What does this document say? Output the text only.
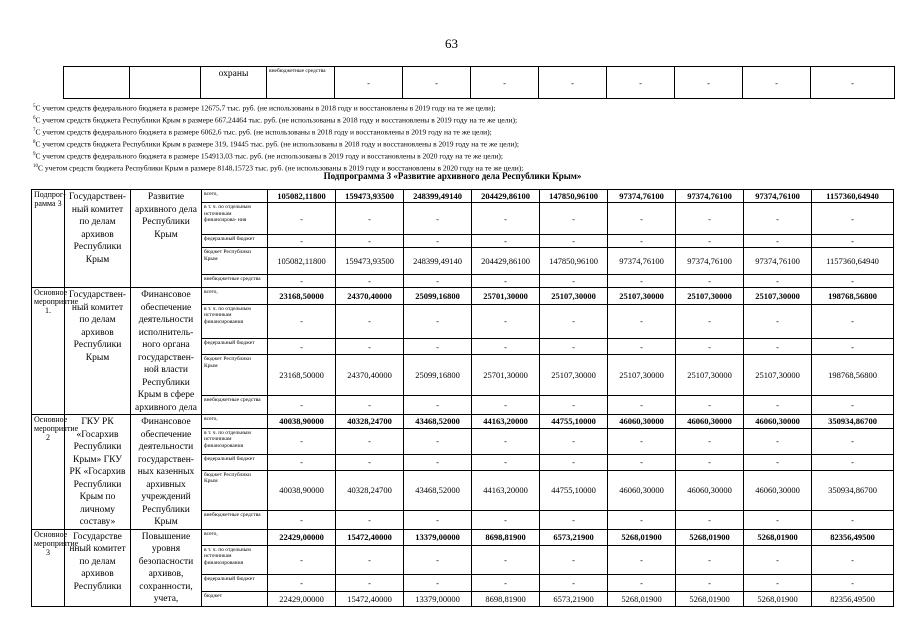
63
		охраны	внебюджетные средства	-	-	-	-	-	-	-	-	
$^5$С учетом средств федерального бюджета в размере 12675,7 тыс. руб. (не использованы в 2018 году и восстановлены в 2019 году на те же цели);
$^6$С учетом средств бюджета Республики Крым в размере 667,24464 тыс. руб. (не использованы в 2018 году и восстановлены в 2019 году на те же цели);
$^7$С учетом средств федерального бюджета в размере 6062,6 тыс. руб. (не использованы в 2018 году и восстановлены в 2019 году на те же цели);
$^8$С учетом средств бюджета Республики Крым в размере 319, 19445 тыс. руб. (не использованы в 2018 году и восстановлены в 2019 году на те же цели);
$^9$С учетом средств федерального бюджета в размере 154913,03 тыс. руб. (не использованы в 2019 году и восстановлены в 2020 году на те же цели);
$^{10}$С учетом средств бюджета Республики Крым в размере 8148,15723 тыс. руб. (не использованы в 2019 году и восстановлены в 2020 году на те же цели);
Подпрограмма 3 «Развитие архивного дела Республики Крым»
Подпрог- рамма 3	Государствен- ный комитет по делам архивов Республики Крым	Развитие архивного дела Республики Крым	всего,	105082,11800	159473,93500	248399,49140	204429,86100	147850,96100	97374,76100	97374,76100	97374,76100	1157360,64940
			в т. ч. по отдельным источникам финансирова- ния	-	-	-	-	-	-	-	-	-
			федеральный бюджет	-	-	-	-	-	-	-	-	-
			бюджет Республики Крым	105082,11800	159473,93500	248399,49140	204429,86100	147850,96100	97374,76100	97374,76100	97374,76100	1157360,64940
			внебюджетные средства	-	-	-	-	-	-	-	-	-
Основное мероприятие 1.	Государствен- ный комитет по делам архивов Республики Крым	Финансовое обеспечение деятельности исполнитель- ного органа государствен- ной власти Республики Крым в сфере архивного дела	всего,	23168,50000	24370,40000	25099,16800	25701,30000	25107,30000	25107,30000	25107,30000	25107,30000	198768,56800
			в т. ч. по отдельным источникам финансирования	-	-	-	-	-	-	-	-	-
			федеральный бюджет	-	-	-	-	-	-	-	-	-
			бюджет Республики Крым	23168,50000	24370,40000	25099,16800	25701,30000	25107,30000	25107,30000	25107,30000	25107,30000	198768,56800
			внебюджетные средства	-	-	-	-	-	-	-	-	-
Основное мероприятие 2	ГКУ РК «Госархив Республики Крым» ГКУ РК «Госархив Республики Крым по личному составу»	Финансовое обеспечение деятельности государствен- ных казенных архивных учреждений Республики Крым	всего,	40038,90000	40328,24700	43468,52000	44163,20000	44755,10000	46060,30000	46060,30000	46060,30000	350934,86700
			в т. ч. по отдельным источникам финансирования	-	-	-	-	-	-	-	-	-
			федеральный бюджет	-	-	-	-	-	-	-	-	-
			бюджет Республики Крым	40038,90000	40328,24700	43468,52000	44163,20000	44755,10000	46060,30000	46060,30000	46060,30000	350934,86700
			внебюджетные средства	-	-	-	-	-	-	-	-	-
Основное мероприятие 3	Государстве нный комитет по делам архивов Республики	Повышение уровня безопасности архивов, сохранности, учета,	всего,	22429,00000	15472,40000	13379,00000	8698,81900	6573,21900	5268,01900	5268,01900	5268,01900	82356,49500
			в т. ч. по отдельным источникам финансирования	-	-	-	-	-	-	-	-	-
			федеральный бюджет	-	-	-	-	-	-	-	-	-
			бюджет	22429,00000	15472,40000	13379,00000	8698,81900	6573,21900	5268,01900	5268,01900	5268,01900	82356,49500
